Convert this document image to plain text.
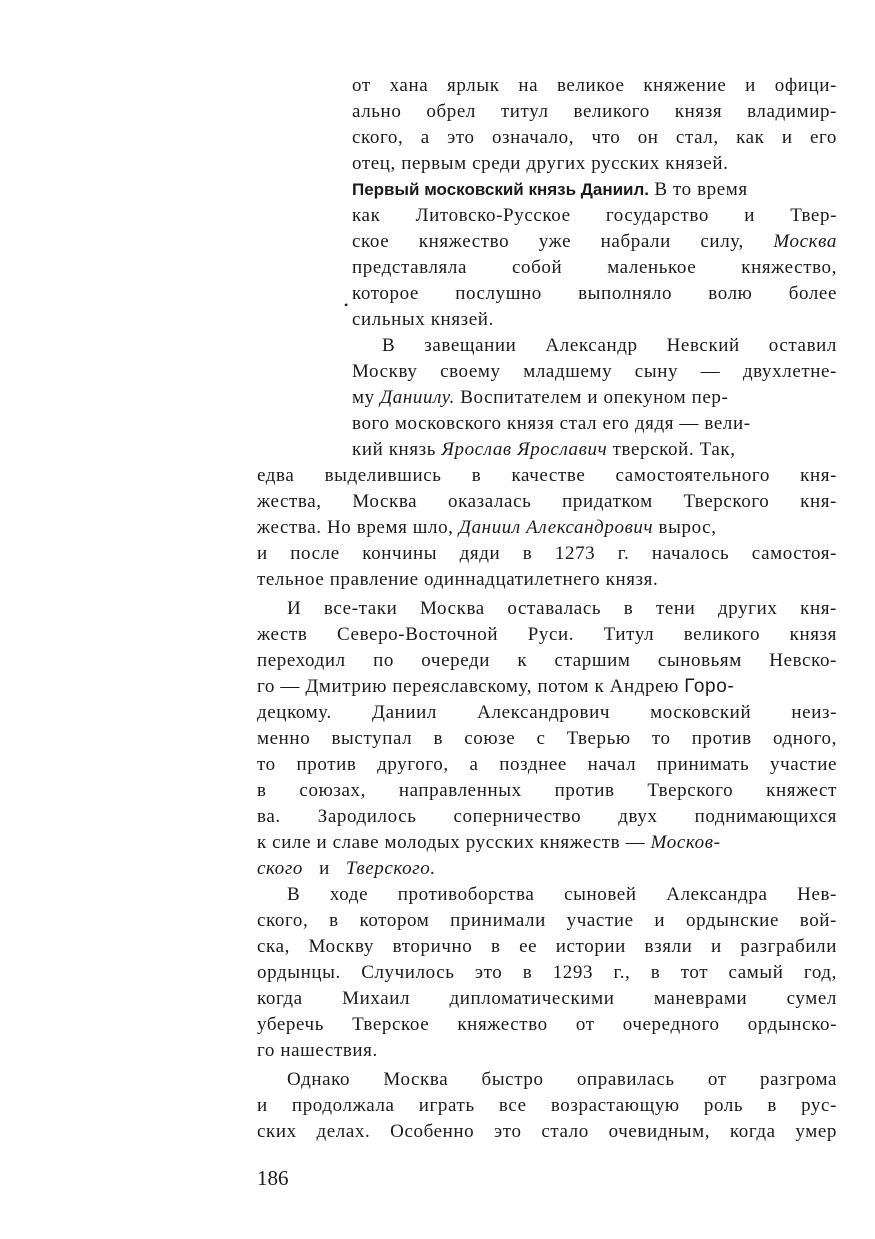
от хана ярлык на великое княжение и офици-

ально обрел титул великого князя владимир-

ского, а это означало, что он стал, как и его

отец, первым среди других русских князей.

Первый московский князь Даниил. В то время

как Литовско-Русское государство и Твер-

ское княжество уже набрали силу, Москва

представляла собой маленькое княжество,

•

которое послушно выполняло волю более

сильных князей.

В завещании Александр Невский оставил

Москву своему младшему сыну — двухлетне-

му Даниилу. Воспитателем и опекуном пер-

вого московского князя стал его дядя — вели-

кий князь Ярослав Ярославич тверской. Так,

едва выделившись в качестве самостоятельного кня-

жества, Москва оказалась придатком Тверского кня-

жества. Но время шло, Даниил Александрович вырос,

и после кончины дяди в 1273 г. началось самостоя-

тельное правление одиннадцатилетнего князя.

И все-таки Москва оставалась в тени других кня-

жеств Северо-Восточной Руси. Титул великого князя

переходил по очереди к старшим сыновьям Невско-

го — Дмитрию переяславскому, потом к Андрею Горо-

децкому. Даниил Александрович московский неиз-

менно выступал в союзе с Тверью то против одного,

то против другого, а позднее начал принимать участие

в союзах, направленных против Тверского княжест

ва. Зародилось соперничество двух поднимающихся

к силе и славе молодых русских княжеств — Москов-

ского и Тверского.

В ходе противоборства сыновей Александра Нев-

ского, в котором принимали участие и ордынские вой-

ска, Москву вторично в ее истории взяли и разграбили

ордынцы. Случилось это в 1293 г., в тот самый год,

когда Михаил дипломатическими маневрами сумел

уберечь Тверское княжество от очередного ордынско-

го нашествия.

Однако Москва быстро оправилась от разгрома

и продолжала играть все возрастающую роль в рус-

ских делах. Особенно это стало очевидным, когда умер

186
